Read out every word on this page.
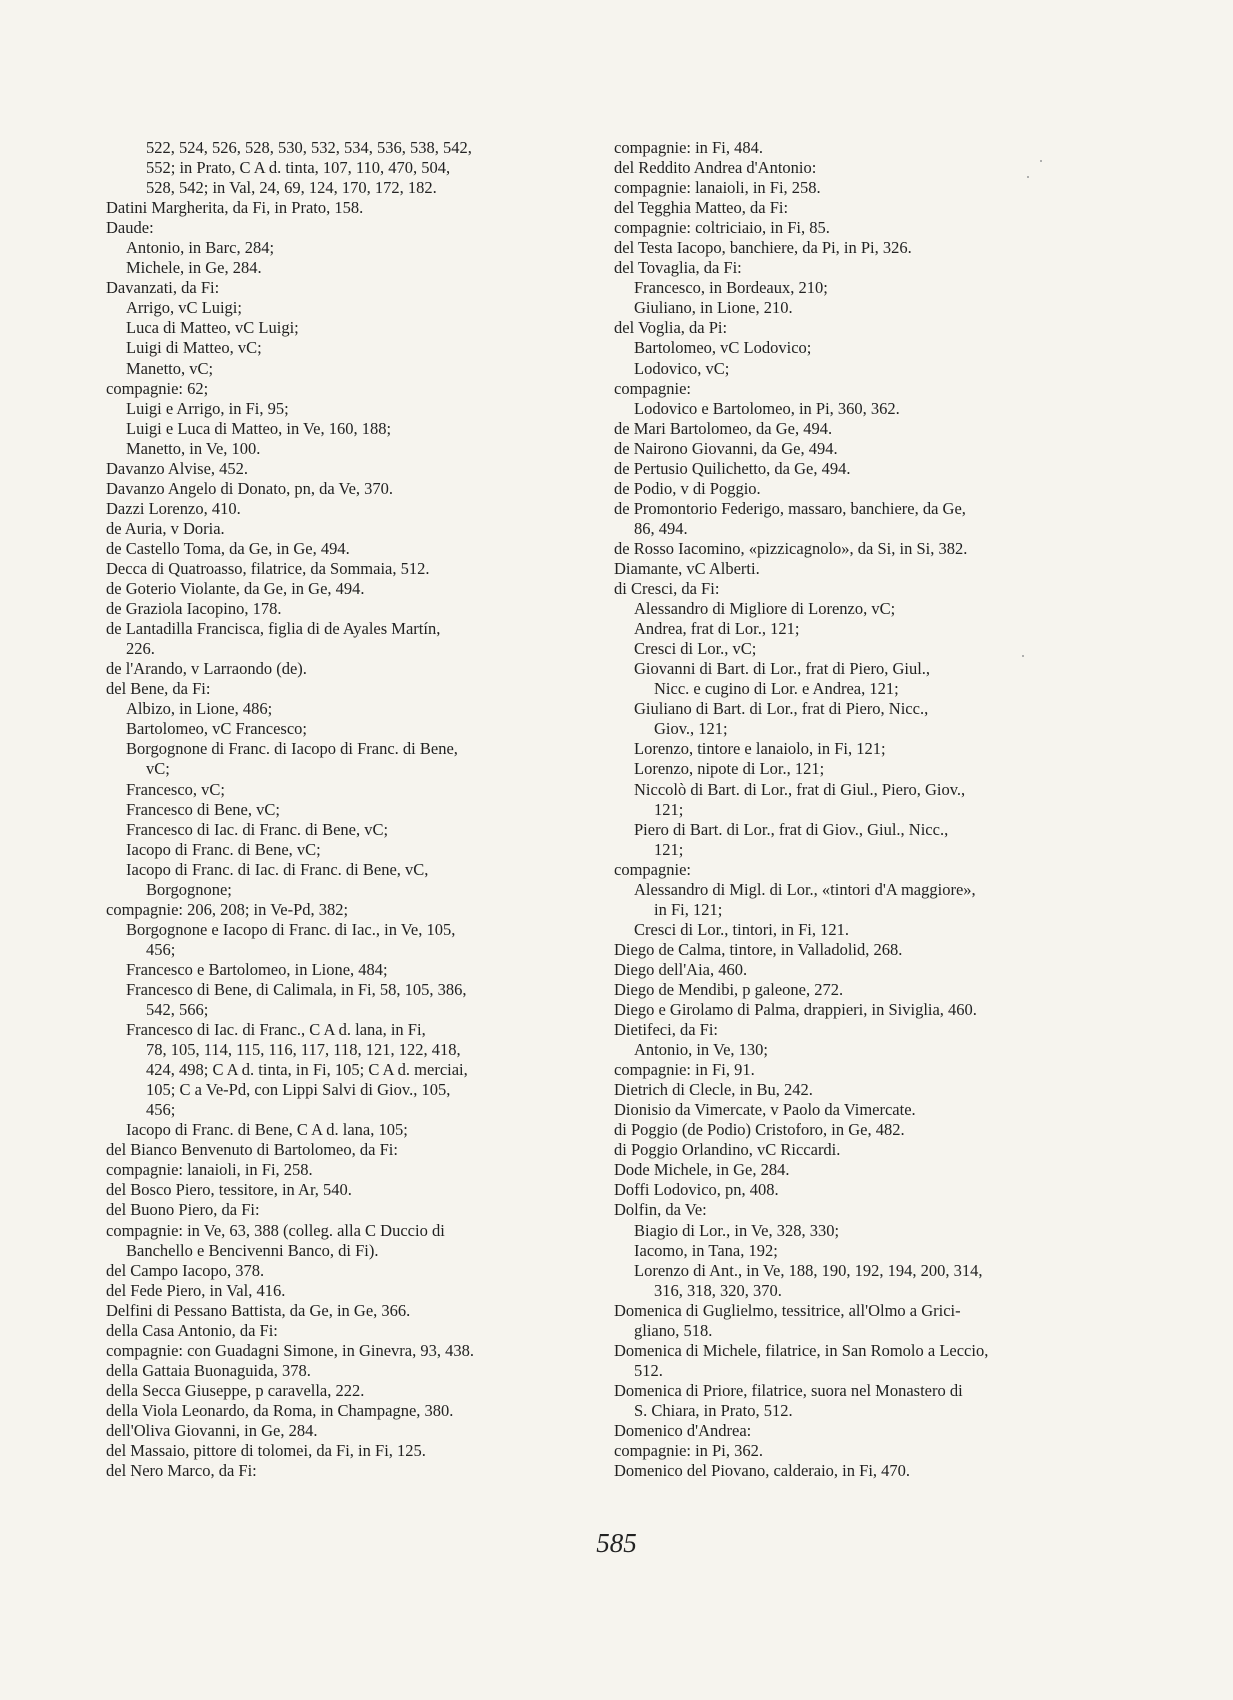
522, 524, 526, 528, 530, 532, 534, 536, 538, 542,
552; in Prato, C A d. tinta, 107, 110, 470, 504,
528, 542; in Val, 24, 69, 124, 170, 172, 182.
Datini Margherita, da Fi, in Prato, 158.
Daude:
Antonio, in Barc, 284;
Michele, in Ge, 284.
Davanzati, da Fi:
Arrigo, vC Luigi;
Luca di Matteo, vC Luigi;
Luigi di Matteo, vC;
Manetto, vC;
compagnie: 62;
Luigi e Arrigo, in Fi, 95;
Luigi e Luca di Matteo, in Ve, 160, 188;
Manetto, in Ve, 100.
Davanzo Alvise, 452.
Davanzo Angelo di Donato, pn, da Ve, 370.
Dazzi Lorenzo, 410.
de Auria, v Doria.
de Castello Toma, da Ge, in Ge, 494.
Decca di Quatroasso, filatrice, da Sommaia, 512.
de Goterio Violante, da Ge, in Ge, 494.
de Graziola Iacopino, 178.
de Lantadilla Francisca, figlia di de Ayales Martín,
226.
de l'Arando, v Larraondo (de).
del Bene, da Fi:
Albizo, in Lione, 486;
Bartolomeo, vC Francesco;
Borgognone di Franc. di Iacopo di Franc. di Bene,
vC;
Francesco, vC;
Francesco di Bene, vC;
Francesco di Iac. di Franc. di Bene, vC;
Iacopo di Franc. di Bene, vC;
Iacopo di Franc. di Iac. di Franc. di Bene, vC,
Borgognone;
compagnie: 206, 208; in Ve-Pd, 382;
Borgognone e Iacopo di Franc. di Iac., in Ve, 105,
456;
Francesco e Bartolomeo, in Lione, 484;
Francesco di Bene, di Calimala, in Fi, 58, 105, 386,
542, 566;
Francesco di Iac. di Franc., C A d. lana, in Fi,
78, 105, 114, 115, 116, 117, 118, 121, 122, 418,
424, 498; C A d. tinta, in Fi, 105; C A d. merciai,
105; C a Ve-Pd, con Lippi Salvi di Giov., 105,
456;
Iacopo di Franc. di Bene, C A d. lana, 105;
del Bianco Benvenuto di Bartolomeo, da Fi:
compagnie: lanaioli, in Fi, 258.
del Bosco Piero, tessitore, in Ar, 540.
del Buono Piero, da Fi:
compagnie: in Ve, 63, 388 (colleg. alla C Duccio di
Banchello e Bencivenni Banco, di Fi).
del Campo Iacopo, 378.
del Fede Piero, in Val, 416.
Delfini di Pessano Battista, da Ge, in Ge, 366.
della Casa Antonio, da Fi:
compagnie: con Guadagni Simone, in Ginevra, 93, 438.
della Gattaia Buonaguida, 378.
della Secca Giuseppe, p caravella, 222.
della Viola Leonardo, da Roma, in Champagne, 380.
dell'Oliva Giovanni, in Ge, 284.
del Massaio, pittore di tolomei, da Fi, in Fi, 125.
del Nero Marco, da Fi:
compagnie: in Fi, 484.
del Reddito Andrea d'Antonio:
compagnie: lanaioli, in Fi, 258.
del Tegghia Matteo, da Fi:
compagnie: coltriciaio, in Fi, 85.
del Testa Iacopo, banchiere, da Pi, in Pi, 326.
del Tovaglia, da Fi:
Francesco, in Bordeaux, 210;
Giuliano, in Lione, 210.
del Voglia, da Pi:
Bartolomeo, vC Lodovico;
Lodovico, vC;
compagnie:
Lodovico e Bartolomeo, in Pi, 360, 362.
de Mari Bartolomeo, da Ge, 494.
de Nairono Giovanni, da Ge, 494.
de Pertusio Quilichetto, da Ge, 494.
de Podio, v di Poggio.
de Promontorio Federigo, massaro, banchiere, da Ge,
86, 494.
de Rosso Iacomino, «pizzicagnolo», da Si, in Si, 382.
Diamante, vC Alberti.
di Cresci, da Fi:
Alessandro di Migliore di Lorenzo, vC;
Andrea, frat di Lor., 121;
Cresci di Lor., vC;
Giovanni di Bart. di Lor., frat di Piero, Giul.,
Nicc. e cugino di Lor. e Andrea, 121;
Giuliano di Bart. di Lor., frat di Piero, Nicc.,
Giov., 121;
Lorenzo, tintore e lanaiolo, in Fi, 121;
Lorenzo, nipote di Lor., 121;
Niccolò di Bart. di Lor., frat di Giul., Piero, Giov.,
121;
Piero di Bart. di Lor., frat di Giov., Giul., Nicc.,
121;
compagnie:
Alessandro di Migl. di Lor., «tintori d'A maggiore»,
in Fi, 121;
Cresci di Lor., tintori, in Fi, 121.
Diego de Calma, tintore, in Valladolid, 268.
Diego dell'Aia, 460.
Diego de Mendibi, p galeone, 272.
Diego e Girolamo di Palma, drappieri, in Siviglia, 460.
Dietifeci, da Fi:
Antonio, in Ve, 130;
compagnie: in Fi, 91.
Dietrich di Clecle, in Bu, 242.
Dionisio da Vimercate, v Paolo da Vimercate.
di Poggio (de Podio) Cristoforo, in Ge, 482.
di Poggio Orlandino, vC Riccardi.
Dode Michele, in Ge, 284.
Doffi Lodovico, pn, 408.
Dolfin, da Ve:
Biagio di Lor., in Ve, 328, 330;
Iacomo, in Tana, 192;
Lorenzo di Ant., in Ve, 188, 190, 192, 194, 200, 314,
316, 318, 320, 370.
Domenica di Guglielmo, tessitrice, all'Olmo a Grici-
gliano, 518.
Domenica di Michele, filatrice, in San Romolo a Leccio,
512.
Domenica di Priore, filatrice, suora nel Monastero di
S. Chiara, in Prato, 512.
Domenico d'Andrea:
compagnie: in Pi, 362.
Domenico del Piovano, calderaio, in Fi, 470.
585
